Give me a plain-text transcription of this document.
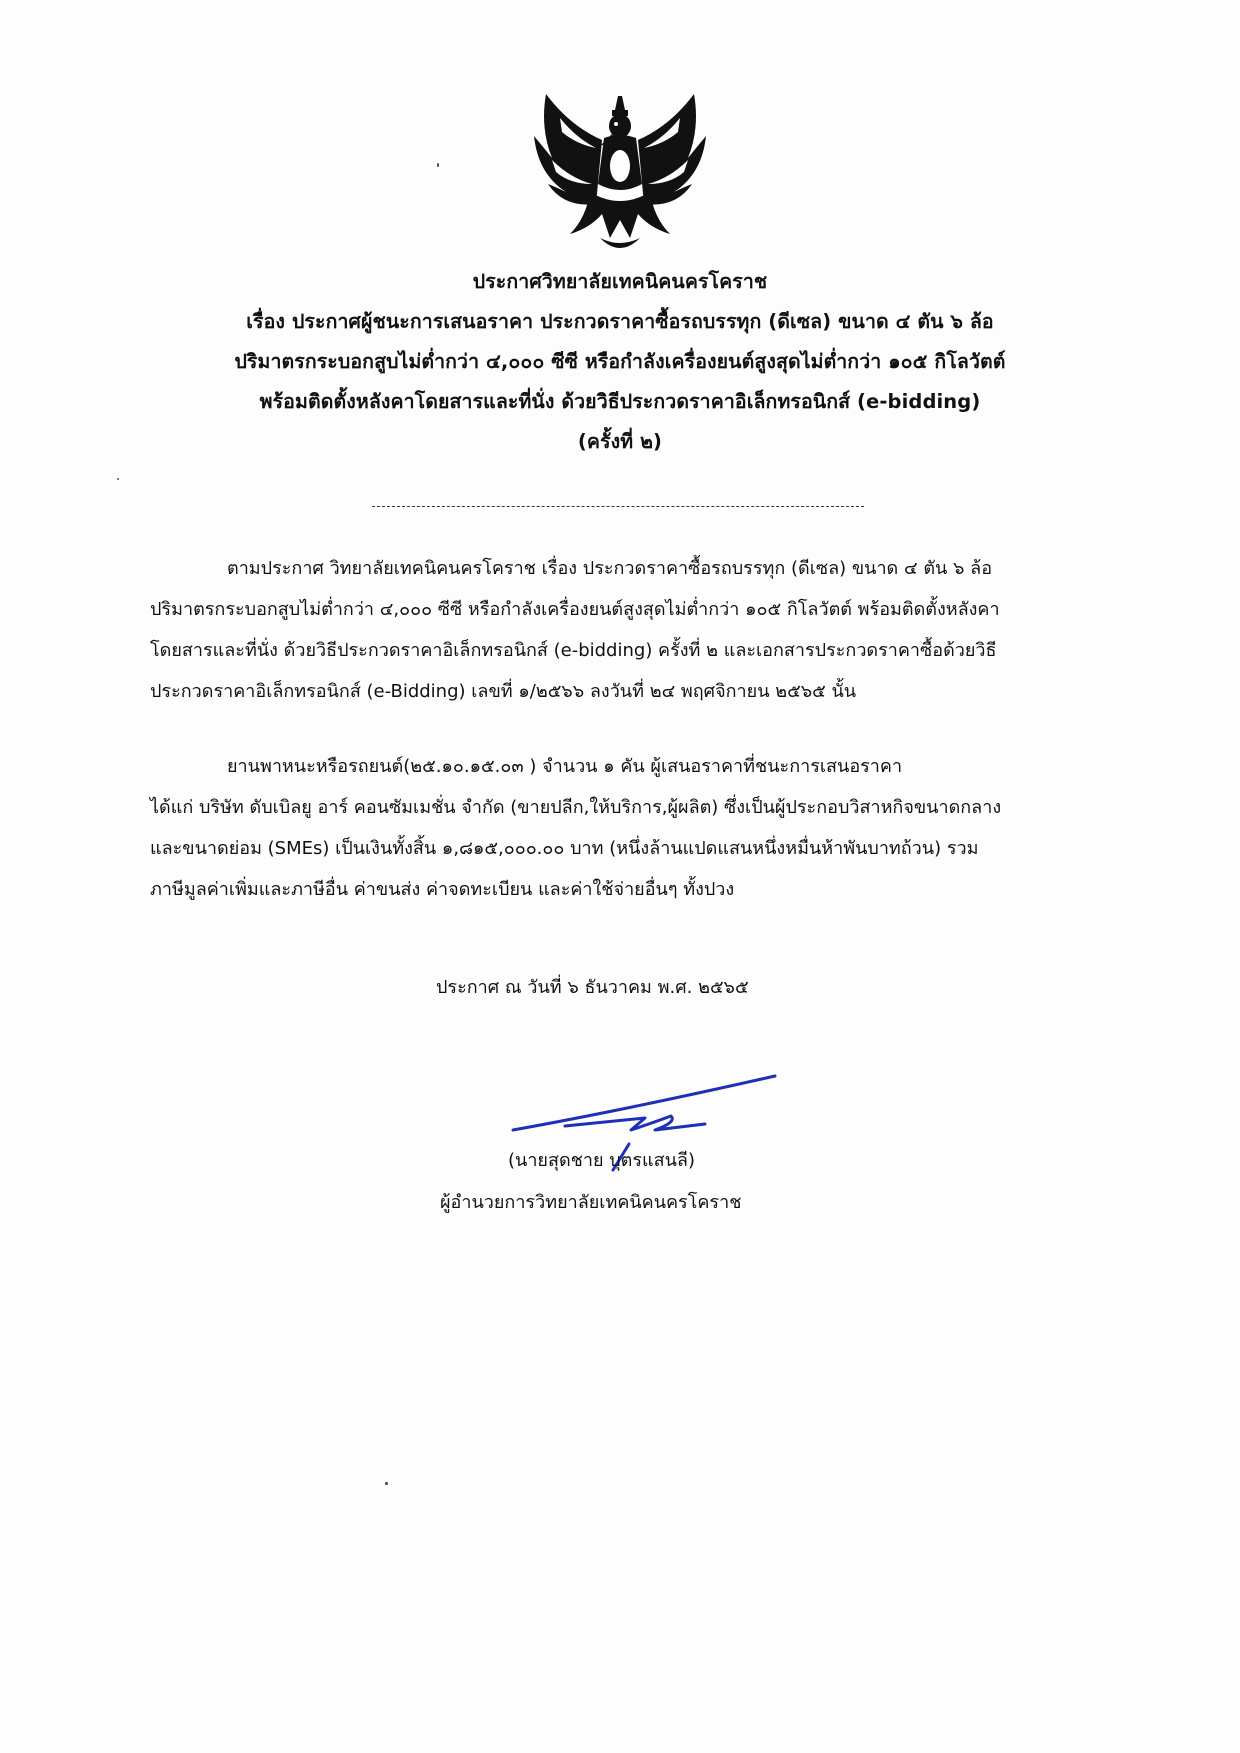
ประกาศวิทยาลัยเทคนิคนครโคราช
เรื่อง ประกาศผู้ชนะการเสนอราคา ประกวดราคาซื้อรถบรรทุก (ดีเซล) ขนาด ๔ ตัน ๖ ล้อ
ปริมาตรกระบอกสูบไม่ต่ำกว่า ๔,๐๐๐ ซีซี หรือกำลังเครื่องยนต์สูงสุดไม่ต่ำกว่า ๑๐๕ กิโลวัตต์
พร้อมติดตั้งหลังคาโดยสารและที่นั่ง ด้วยวิธีประกวดราคาอิเล็กทรอนิกส์ (e-bidding)
(ครั้งที่ ๒)
ตามประกาศ วิทยาลัยเทคนิคนครโคราช เรื่อง ประกวดราคาซื้อรถบรรทุก (ดีเซล) ขนาด ๔ ตัน ๖ ล้อ
ปริมาตรกระบอกสูบไม่ต่ำกว่า ๔,๐๐๐ ซีซี หรือกำลังเครื่องยนต์สูงสุดไม่ต่ำกว่า ๑๐๕ กิโลวัตต์ พร้อมติดตั้งหลังคา
โดยสารและที่นั่ง ด้วยวิธีประกวดราคาอิเล็กทรอนิกส์ (e-bidding) ครั้งที่ ๒ และเอกสารประกวดราคาซื้อด้วยวิธี
ประกวดราคาอิเล็กทรอนิกส์ (e-Bidding) เลขที่ ๑/๒๕๖๖ ลงวันที่ ๒๔ พฤศจิกายน ๒๕๖๕ นั้น
ยานพาหนะหรือรถยนต์(๒๕.๑๐.๑๕.๐๓ ) จำนวน ๑ คัน ผู้เสนอราคาที่ชนะการเสนอราคา
ได้แก่ บริษัท ดับเบิลยู อาร์ คอนซัมเมชั่น จำกัด (ขายปลีก,ให้บริการ,ผู้ผลิต) ซึ่งเป็นผู้ประกอบวิสาหกิจขนาดกลาง
และขนาดย่อม (SMEs) เป็นเงินทั้งสิ้น ๑,๘๑๕,๐๐๐.๐๐ บาท (หนึ่งล้านแปดแสนหนึ่งหมื่นห้าพันบาทถ้วน) รวม
ภาษีมูลค่าเพิ่มและภาษีอื่น ค่าขนส่ง ค่าจดทะเบียน และค่าใช้จ่ายอื่นๆ ทั้งปวง
ประกาศ ณ วันที่ ๖ ธันวาคม พ.ศ. ๒๕๖๕
(นายสุดชาย บุตรแสนลี)
ผู้อำนวยการวิทยาลัยเทคนิคนครโคราช
